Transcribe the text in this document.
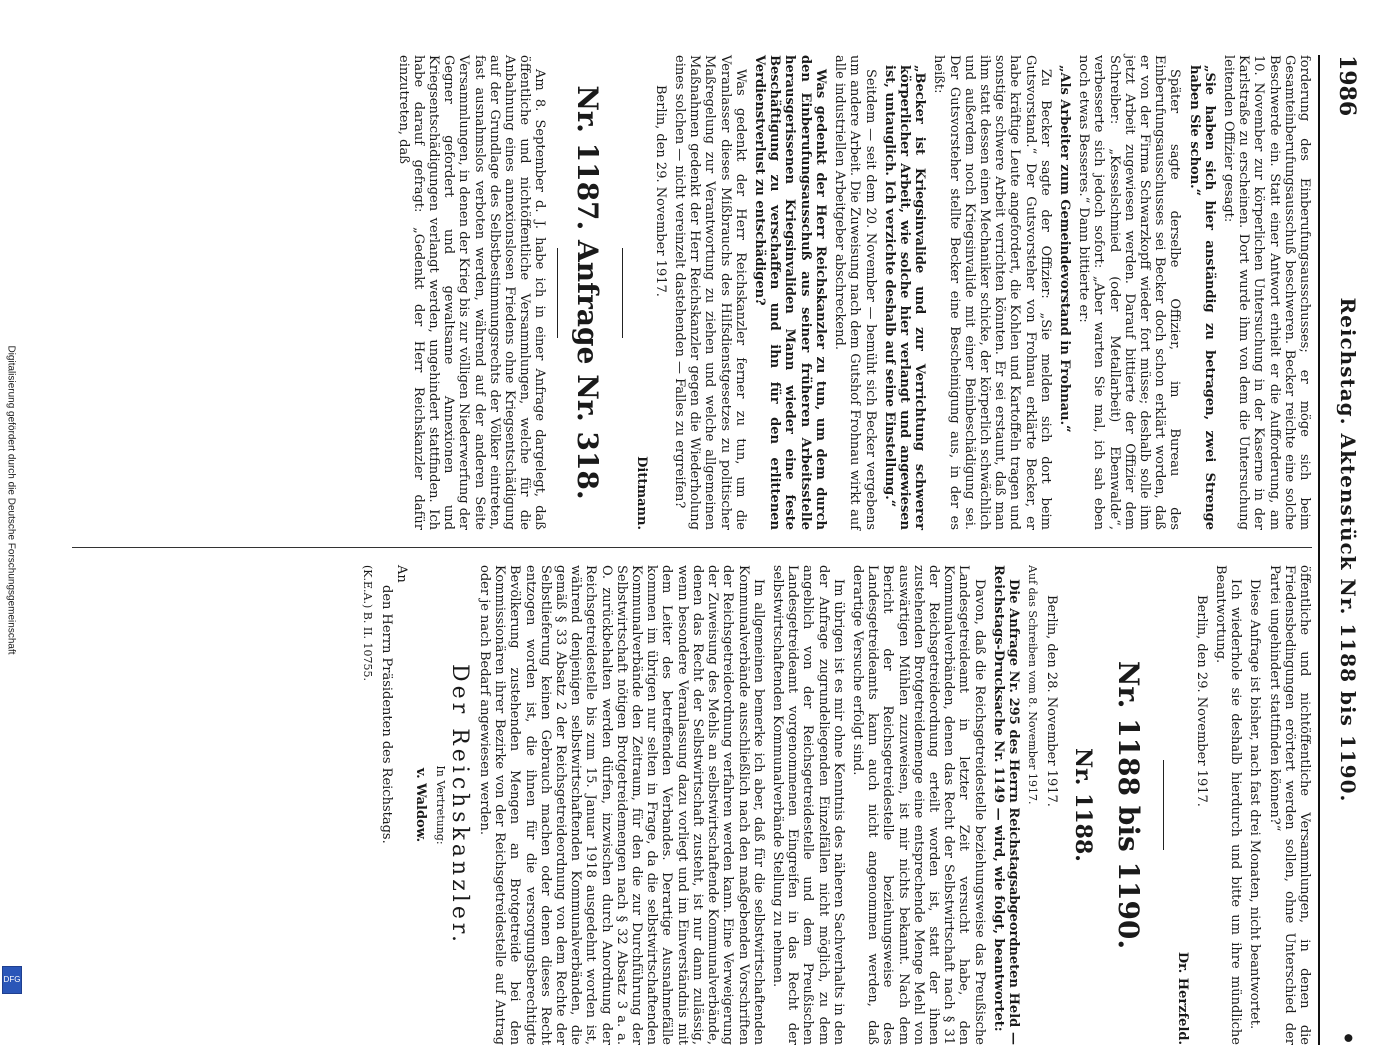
Digitalisierung gefördert durch die Deutsche Forschungsgemeinschaft
DFG
1986
Reichstag. Aktenstück Nr. 1188 bis 1190.
•

forderung des Einberufungsausschusses; er möge sich beim Gesamteinberufungsausschuß beschweren. Becker reichte eine solche Beschwerde ein. Statt einer Antwort erhielt er die Aufforderung, am 10. November zur körperlichen Untersuchung in der Kaserne in der Karlstraße zu erscheinen. Dort wurde ihm von dem die Untersuchung leitenden Offizier gesagt:

„Sie haben sich hier anständig zu betragen, zwei Strenge haben Sie schon.“

Später sagte derselbe Offizier, im Bureau des Einberufungsausschusses sei Becker doch schon erklärt worden, daß er von der Firma Schwarzkopff wieder fort müsse; deshalb solle ihm jetzt Arbeit zugewiesen werden. Darauf bittierte der Offizier dem Schreiber: „Kesselschmied (oder Metallarbeit) Ebenwalde“, verbesserte sich jedoch sofort: „Aber warten Sie mal, ich sah eben noch etwas Besseres.“ Dann bittierte er:

„Als Arbeiter zum Gemeindevorstand in Frohnau.“

Zu Becker sagte der Offizier: „Sie melden sich dort beim Gutsvorstand.“ Der Gutsvorsteher von Frohnau erklärte Becker, er habe kräftige Leute angefordert, die Kohlen und Kartoffeln tragen und sonstige schwere Arbeit verrichten könnten. Er sei erstaunt, daß man ihm statt dessen einen Mechaniker schicke, der körperlich schwächlich und außerdem noch Kriegsinvalide mit einer Beinbeschädigung sei. Der Gutsvorsteher stellte Becker eine Bescheinigung aus, in der es heißt:

„Becker ist Kriegsinvalide und zur Verrichtung schwerer körperlicher Arbeit, wie solche hier verlangt und angewiesen ist, untauglich. Ich verzichte deshalb auf seine Einstellung.“

Seitdem — seit dem 20. November — bemüht sich Becker vergebens um andere Arbeit. Die Zuweisung nach dem Gutshof Frohnau wirkt auf alle industriellen Arbeitgeber abschreckend.

Was gedenkt der Herr Reichskanzler zu tun, um dem durch den Einberufungsausschuß aus seiner früheren Arbeitsstelle herausgerissenen Kriegsinvaliden Mann wieder eine feste Beschäftigung zu verschaffen und ihn für den erlittenen Verdienstverlust zu entschädigen?

Was gedenkt der Herr Reichskanzler ferner zu tun, um die Veranlasser dieses Mißbrauchs des Hilfsdienstgesetzes zu politischer Maßregelung zur Verantwortung zu ziehen und welche allgemeinen Maßnahmen gedenkt der Herr Reichskanzler gegen die Wiederholung eines solchen — nicht vereinzelt dastehenden — Falles zu ergreifen?

Berlin, den 29. November 1917.
Dittmann.
Nr. 1187. Anfrage Nr. 318.

Am 8. September d. J. habe ich in einer Anfrage dargelegt, daß öffentliche und nichtöffentliche Versammlungen, welche für die Anbahnung eines annexionslosen Friedens ohne Kriegsentschädigung auf der Grundlage des Selbstbestimmungsrechts der Völker eintreten, fast ausnahmslos verboten werden, während auf der anderen Seite Versammlungen, in denen der Krieg bis zur völligen Niederwerfung der Gegner gefordert und gewaltsame Annexionen und Kriegsentschädigungen verlangt werden, ungehindert stattfinden. Ich habe darauf gefragt: „Gedenkt der Herr Reichskanzler dafür einzutreten, daß

öffentliche und nichtöffentliche Versammlungen, in denen die Friedensbedingungen erörtert werden sollen, ohne Unterschied der Partei ungehindert stattfinden können?“

Diese Anfrage ist bisher, nach fast drei Monaten, nicht beantwortet.

Ich wiederhole sie deshalb hierdurch und bitte um ihre mündliche Beantwortung.

Berlin, den 29. November 1917.
Dr. Herzfeld.
Nr. 1188 bis 1190.
Nr. 1188.
Berlin, den 28. November 1917.

Auf das Schreiben vom 8. November 1917.

Die Anfrage Nr. 295 des Herrn Reichstagsabgeordneten Held — Reichstags-Drucksache Nr. 1149 — wird, wie folgt, beantwortet:

Davon, daß die Reichsgetreidestelle beziehungsweise das Preußische Landesgetreideamt in letzter Zeit versucht habe, den Kommunalverbänden, denen das Recht der Selbstwirtschaft nach § 31 der Reichsgetreideordnung erteilt worden ist, statt der ihnen zustehenden Brotgetreidemenge eine entsprechende Menge Mehl von auswärtigen Mühlen zuzuweisen, ist mir nichts bekannt. Nach dem Bericht der Reichsgetreidestelle beziehungsweise des Landesgetreideamts kann auch nicht angenommen werden, daß derartige Versuche erfolgt sind.

Im übrigen ist es mir ohne Kenntnis des näheren Sachverhalts in den der Anfrage zugrundeliegenden Einzelfällen nicht möglich, zu dem angeblich von der Reichsgetreidestelle und dem Preußischen Landesgetreideamt vorgenommenen Eingreifen in das Recht der selbstwirtschaftenden Kommunalverbände Stellung zu nehmen.

Im allgemeinen bemerke ich aber, daß für die selbstwirtschaftenden Kommunalverbände ausschließlich nach den maßgebenden Vorschriften der Reichsgetreideordnung verfahren werden kann. Eine Verweigerung der Zuweisung des Mehls an selbstwirtschaftende Kommunalverbände, denen das Recht der Selbstwirtschaft zusteht, ist nur dann zulässig, wenn besondere Veranlassung dazu vorliegt und im Einverständnis mit dem Leiter des betreffenden Verbandes. Derartige Ausnahmefälle kommen im übrigen nur selten in Frage, da die selbstwirtschaftenden Kommunalverbände den Zeitraum, für den die zur Durchführung der Selbstwirtschaft nötigen Brotgetreidemengen nach § 32 Absatz 3 a. a. O. zurückbehalten werden dürfen, inzwischen durch Anordnung der Reichsgetreidestelle bis zum 15. Januar 1918 ausgedehnt worden ist, während denjenigen selbstwirtschaftenden Kommunalverbänden, die gemäß § 33 Absatz 2 der Reichsgetreideordnung von dem Rechte der Selbstlieferung keinen Gebrauch machen oder denen dieses Recht entzogen worden ist, die ihnen für die versorgungsberechtigte Bevölkerung zustehenden Mengen an Brotgetreide bei den Kommissionären ihrer Bezirke von der Reichsgetreidestelle auf Antrag oder je nach Bedarf angewiesen werden.

Der Reichskanzler.
In Vertretung:
v. Waldow.
An
den Herrn Präsidenten des Reichstags.
(K.E.A.) B. II. 10755.
